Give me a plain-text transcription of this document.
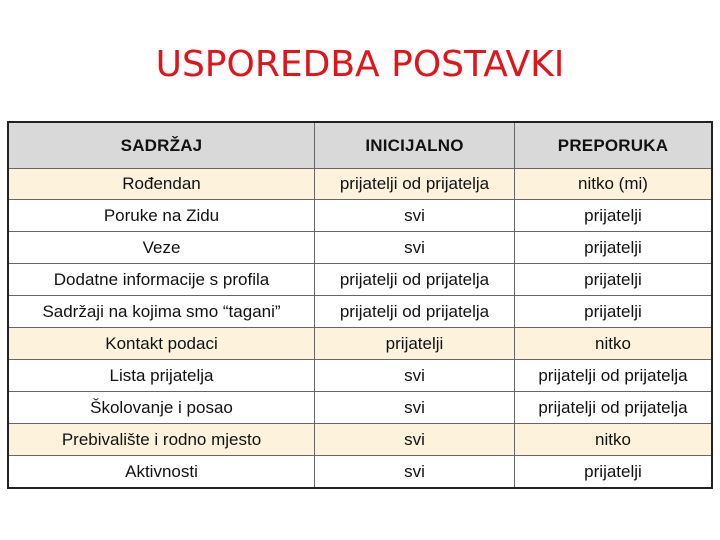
USPOREDBA POSTAVKI
SADRŽAJ	INICIJALNO	PREPORUKA
Rođendan	prijatelji od prijatelja	nitko (mi)
Poruke na Zidu	svi	prijatelji
Veze	svi	prijatelji
Dodatne informacije s profila	prijatelji od prijatelja	prijatelji
Sadržaji na kojima smo “tagani”	prijatelji od prijatelja	prijatelji
Kontakt podaci	prijatelji	nitko
Lista prijatelja	svi	prijatelji od prijatelja
Školovanje i posao	svi	prijatelji od prijatelja
Prebivalište i rodno mjesto	svi	nitko
Aktivnosti	svi	prijatelji
